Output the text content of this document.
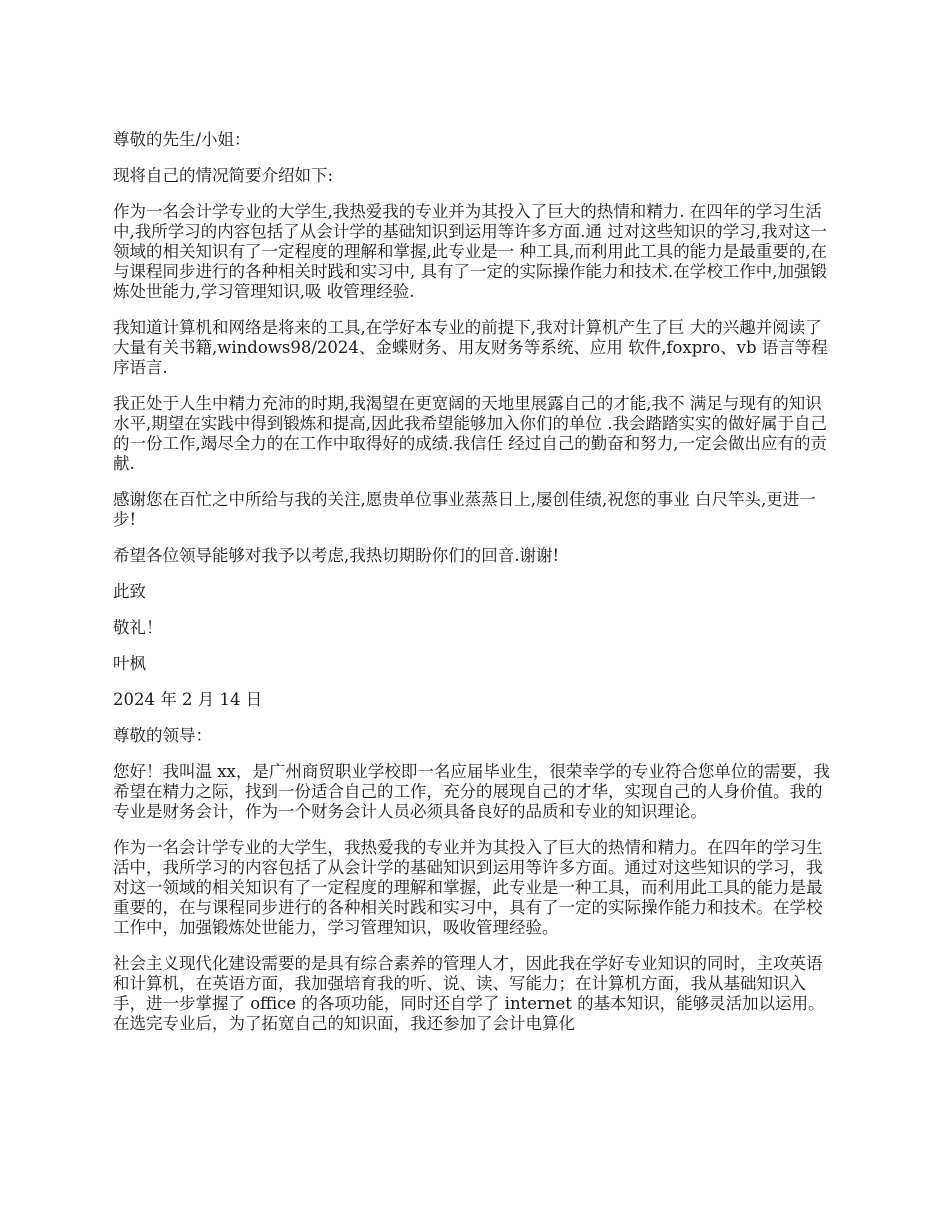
尊敬的先生/小姐：

现将自己的情况简要介绍如下:

作为一名会计学专业的大学生,我热爱我的专业并为其投入了巨大的热情和精力. 在四年的学习生活中,我所学习的内容包括了从会计学的基础知识到运用等许多方面.通 过对这些知识的学习,我对这一领域的相关知识有了一定程度的理解和掌握,此专业是一 种工具,而利用此工具的能力是最重要的,在与课程同步进行的各种相关时践和实习中, 具有了一定的实际操作能力和技术.在学校工作中,加强锻炼处世能力,学习管理知识,吸 收管理经验.

我知道计算机和网络是将来的工具,在学好本专业的前提下,我对计算机产生了巨 大的兴趣并阅读了大量有关书籍,windows98/2024、金蝶财务、用友财务等系统、应用 软件,foxpro、vb 语言等程序语言.

我正处于人生中精力充沛的时期,我渴望在更宽阔的天地里展露自己的才能,我不 满足与现有的知识水平,期望在实践中得到锻炼和提高,因此我希望能够加入你们的单位 .我会踏踏实实的做好属于自己的一份工作,竭尽全力的在工作中取得好的成绩.我信任 经过自己的勤奋和努力,一定会做出应有的贡献.

感谢您在百忙之中所给与我的关注,愿贵单位事业蒸蒸日上,屡创佳绩,祝您的事业 白尺竿头,更进一步!

希望各位领导能够对我予以考虑,我热切期盼你们的回音.谢谢!

此致

敬礼！

叶枫

2024 年 2 月 14 日

尊敬的领导：

您好！我叫温 xx，是广州商贸职业学校即一名应届毕业生，很荣幸学的专业符合您单位的需要，我希望在精力之际，找到一份适合自己的工作，充分的展现自己的才华，实现自己的人身价值。我的专业是财务会计，作为一个财务会计人员必须具备良好的品质和专业的知识理论。

作为一名会计学专业的大学生，我热爱我的专业并为其投入了巨大的热情和精力。在四年的学习生活中，我所学习的内容包括了从会计学的基础知识到运用等许多方面。通过对这些知识的学习，我对这一领域的相关知识有了一定程度的理解和掌握，此专业是一种工具，而利用此工具的能力是最重要的，在与课程同步进行的各种相关时践和实习中，具有了一定的实际操作能力和技术。在学校工作中，加强锻炼处世能力，学习管理知识，吸收管理经验。

社会主义现代化建设需要的是具有综合素养的管理人才，因此我在学好专业知识的同时，主攻英语和计算机，在英语方面，我加强培育我的听、说、读、写能力；在计算机方面，我从基础知识入手，进一步掌握了 office 的各项功能，同时还自学了 internet 的基本知识，能够灵活加以运用。在选完专业后，为了拓宽自己的知识面，我还参加了会计电算化
